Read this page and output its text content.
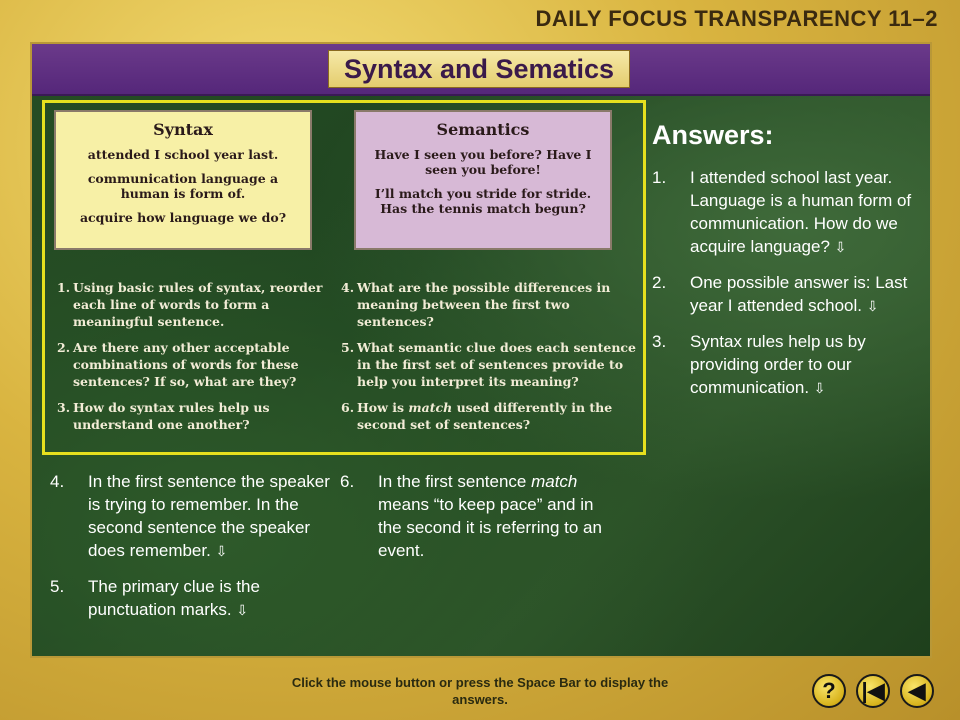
DAILY FOCUS TRANSPARENCY 11–2
Syntax and Sematics
Syntax
attended I school year last.
communication language a human is form of.
acquire how language we do?
Semantics
Have I seen you before? Have I seen you before!
I’ll match you stride for stride. Has the tennis match begun?
1. Using basic rules of syntax, reorder each line of words to form a meaningful sentence.
2. Are there any other acceptable combinations of words for these sentences? If so, what are they?
3. How do syntax rules help us understand one another?
4. What are the possible differences in meaning between the first two sentences?
5. What semantic clue does each sentence in the first set of sentences provide to help you interpret its meaning?
6. How is match used differently in the second set of sentences?
Answers:
1.	I attended school last year. Language is a human form of communication. How do we acquire language? ⇩
2.	One possible answer is: Last year I attended school. ⇩
3.	Syntax rules help us by providing order to our communication. ⇩
4.	In the first sentence the speaker is trying to remember. In the second sentence the speaker does remember. ⇩
5.	The primary clue is the punctuation marks. ⇩
6.	In the first sentence match means “to keep pace” and in the second it is referring to an event.
Click the mouse button or press the Space Bar to display the answers.	?	|◀	◀
